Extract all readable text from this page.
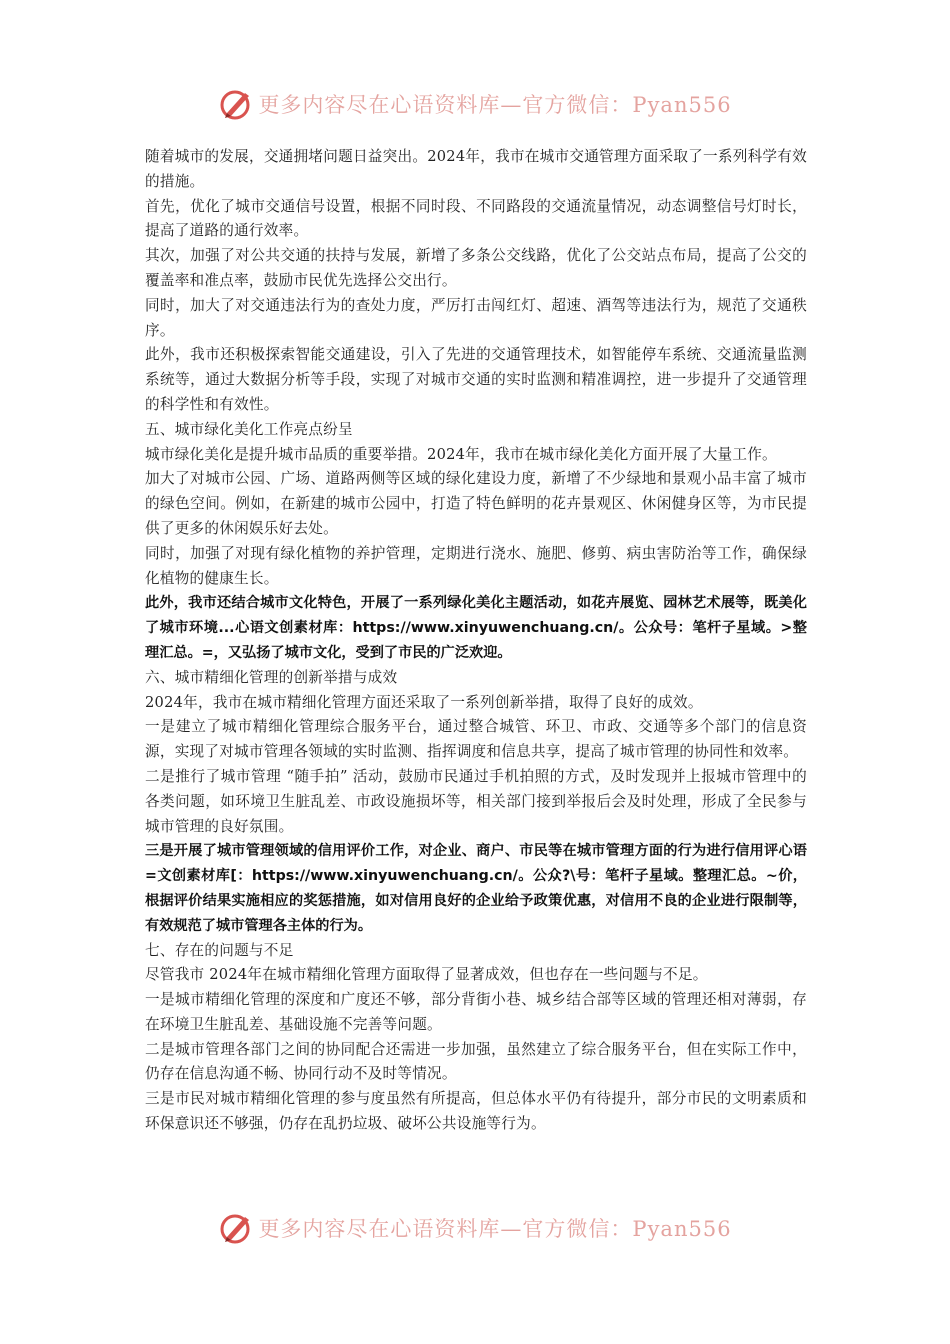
更多内容尽在心语资料库—官方微信：Pyan556

随着城市的发展，交通拥堵问题日益突出。2024年，我市在城市交通管理方面采取了一系列科学有效的措施。

首先，优化了城市交通信号设置，根据不同时段、不同路段的交通流量情况，动态调整信号灯时长，提高了道路的通行效率。

其次，加强了对公共交通的扶持与发展，新增了多条公交线路，优化了公交站点布局，提高了公交的覆盖率和准点率，鼓励市民优先选择公交出行。

同时，加大了对交通违法行为的查处力度，严厉打击闯红灯、超速、酒驾等违法行为，规范了交通秩序。

此外，我市还积极探索智能交通建设，引入了先进的交通管理技术，如智能停车系统、交通流量监测系统等，通过大数据分析等手段，实现了对城市交通的实时监测和精准调控，进一步提升了交通管理的科学性和有效性。

五、城市绿化美化工作亮点纷呈

城市绿化美化是提升城市品质的重要举措。2024年，我市在城市绿化美化方面开展了大量工作。

加大了对城市公园、广场、道路两侧等区域的绿化建设力度，新增了不少绿地和景观小品丰富了城市的绿色空间。例如，在新建的城市公园中，打造了特色鲜明的花卉景观区、休闲健身区等，为市民提供了更多的休闲娱乐好去处。

同时，加强了对现有绿化植物的养护管理，定期进行浇水、施肥、修剪、病虫害防治等工作，确保绿化植物的健康生长。

此外，我市还结合城市文化特色，开展了一系列绿化美化主题活动，如花卉展览、园林艺术展等，既美化了城市环境...心语文创素材库：https://www.xinyuwenchuang.cn/。公众号：笔杆子星域。>整理汇总。=，又弘扬了城市文化，受到了市民的广泛欢迎。

六、城市精细化管理的创新举措与成效

2024年，我市在城市精细化管理方面还采取了一系列创新举措，取得了良好的成效。

一是建立了城市精细化管理综合服务平台，通过整合城管、环卫、市政、交通等多个部门的信息资源，实现了对城市管理各领域的实时监测、指挥调度和信息共享，提高了城市管理的协同性和效率。

二是推行了城市管理 “随手拍” 活动，鼓励市民通过手机拍照的方式，及时发现并上报城市管理中的各类问题，如环境卫生脏乱差、市政设施损坏等，相关部门接到举报后会及时处理，形成了全民参与城市管理的良好氛围。

三是开展了城市管理领域的信用评价工作，对企业、商户、市民等在城市管理方面的行为进行信用评心语=文创素材库[：https://www.xinyuwenchuang.cn/。公众?\号：笔杆子星域。整理汇总。~价，根据评价结果实施相应的奖惩措施，如对信用良好的企业给予政策优惠，对信用不良的企业进行限制等，有效规范了城市管理各主体的行为。

七、存在的问题与不足

尽管我市 2024年在城市精细化管理方面取得了显著成效，但也存在一些问题与不足。

一是城市精细化管理的深度和广度还不够，部分背街小巷、城乡结合部等区域的管理还相对薄弱，存在环境卫生脏乱差、基础设施不完善等问题。

二是城市管理各部门之间的协同配合还需进一步加强，虽然建立了综合服务平台，但在实际工作中，仍存在信息沟通不畅、协同行动不及时等情况。

三是市民对城市精细化管理的参与度虽然有所提高，但总体水平仍有待提升，部分市民的文明素质和环保意识还不够强，仍存在乱扔垃圾、破坏公共设施等行为。

更多内容尽在心语资料库—官方微信：Pyan556
